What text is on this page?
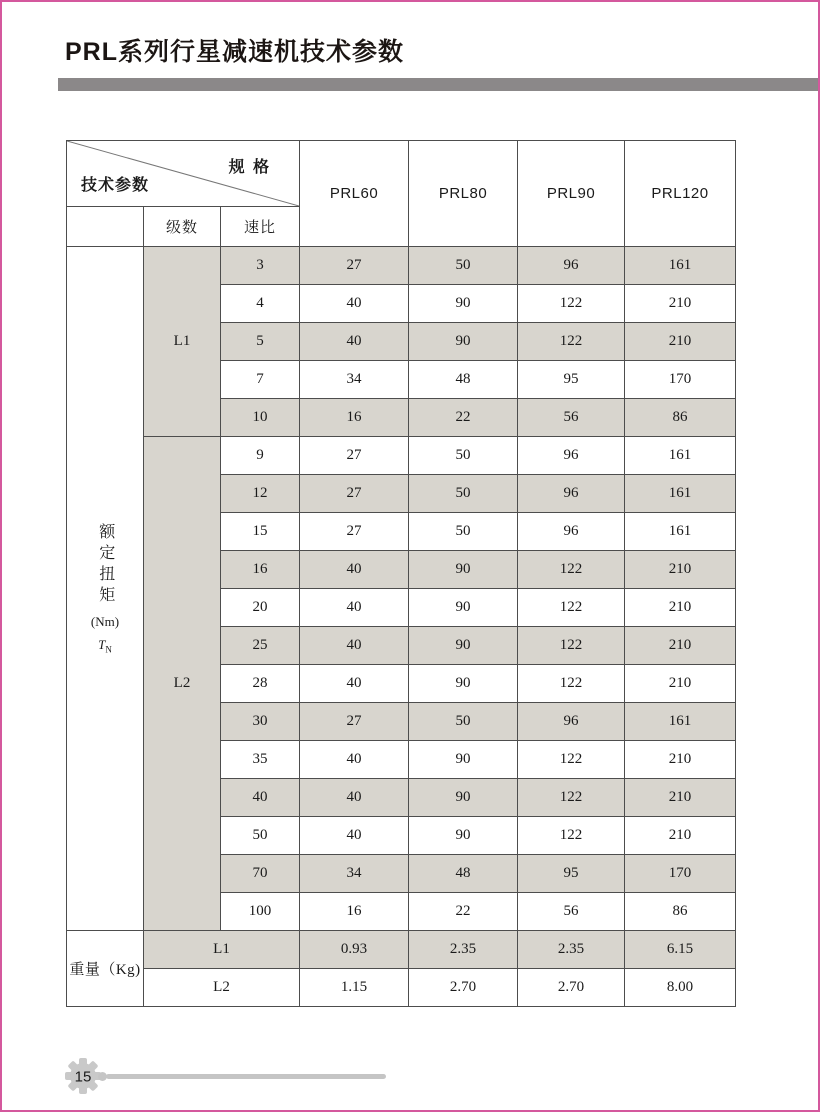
PRL系列行星减速机技术参数
规 格
技术参数			PRL60	PRL80	PRL90	PRL120
	级数	速比				

额定扭矩
(Nm)
$T_N$	L1	3	27	50	96	161
		4	40	90	122	210
		5	40	90	122	210
		7	34	48	95	170
		10	16	22	56	86
	L2	9	27	50	96	161
		12	27	50	96	161
		15	27	50	96	161
		16	40	90	122	210
		20	40	90	122	210
		25	40	90	122	210
		28	40	90	122	210
		30	27	50	96	161
		35	40	90	122	210
		40	40	90	122	210
		50	40	90	122	210
		70	34	48	95	170
		100	16	22	56	86
重量（Kg)	L1		0.93	2.35	2.35	6.15
	L2		1.15	2.70	2.70	8.00
15
